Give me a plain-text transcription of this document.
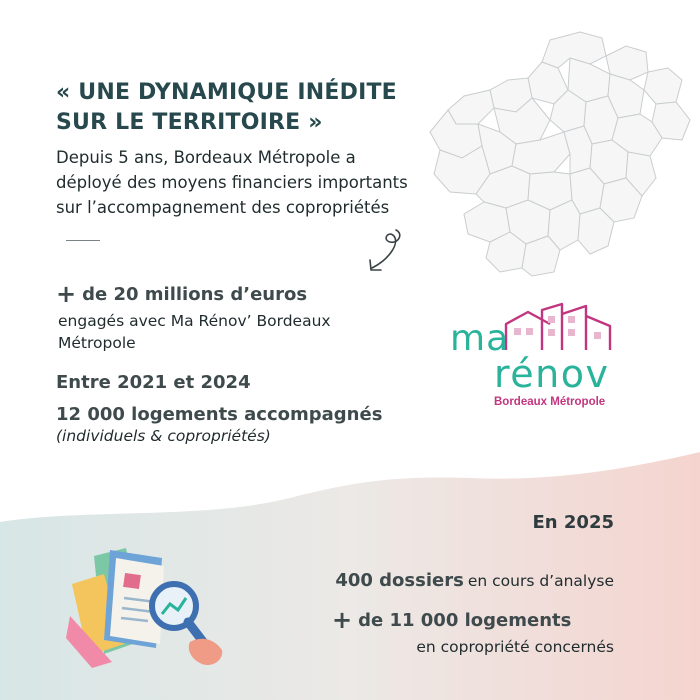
« UNE DYNAMIQUE INÉDITE
SUR LE TERRITOIRE »
Depuis 5 ans, Bordeaux Métropole a
déployé des moyens financiers importants
sur l’accompagnement des copropriétés
+ de 20 millions d’euros
engagés avec Ma Rénov’ Bordeaux
Métropole
Entre 2021 et 2024
12 000 logements accompagnés
(individuels & copropriétés)
ma
rénov
Bordeaux Métropole
En 2025
400 dossiers en cours d’analyse
+ de 11 000 logements
en copropriété concernés
